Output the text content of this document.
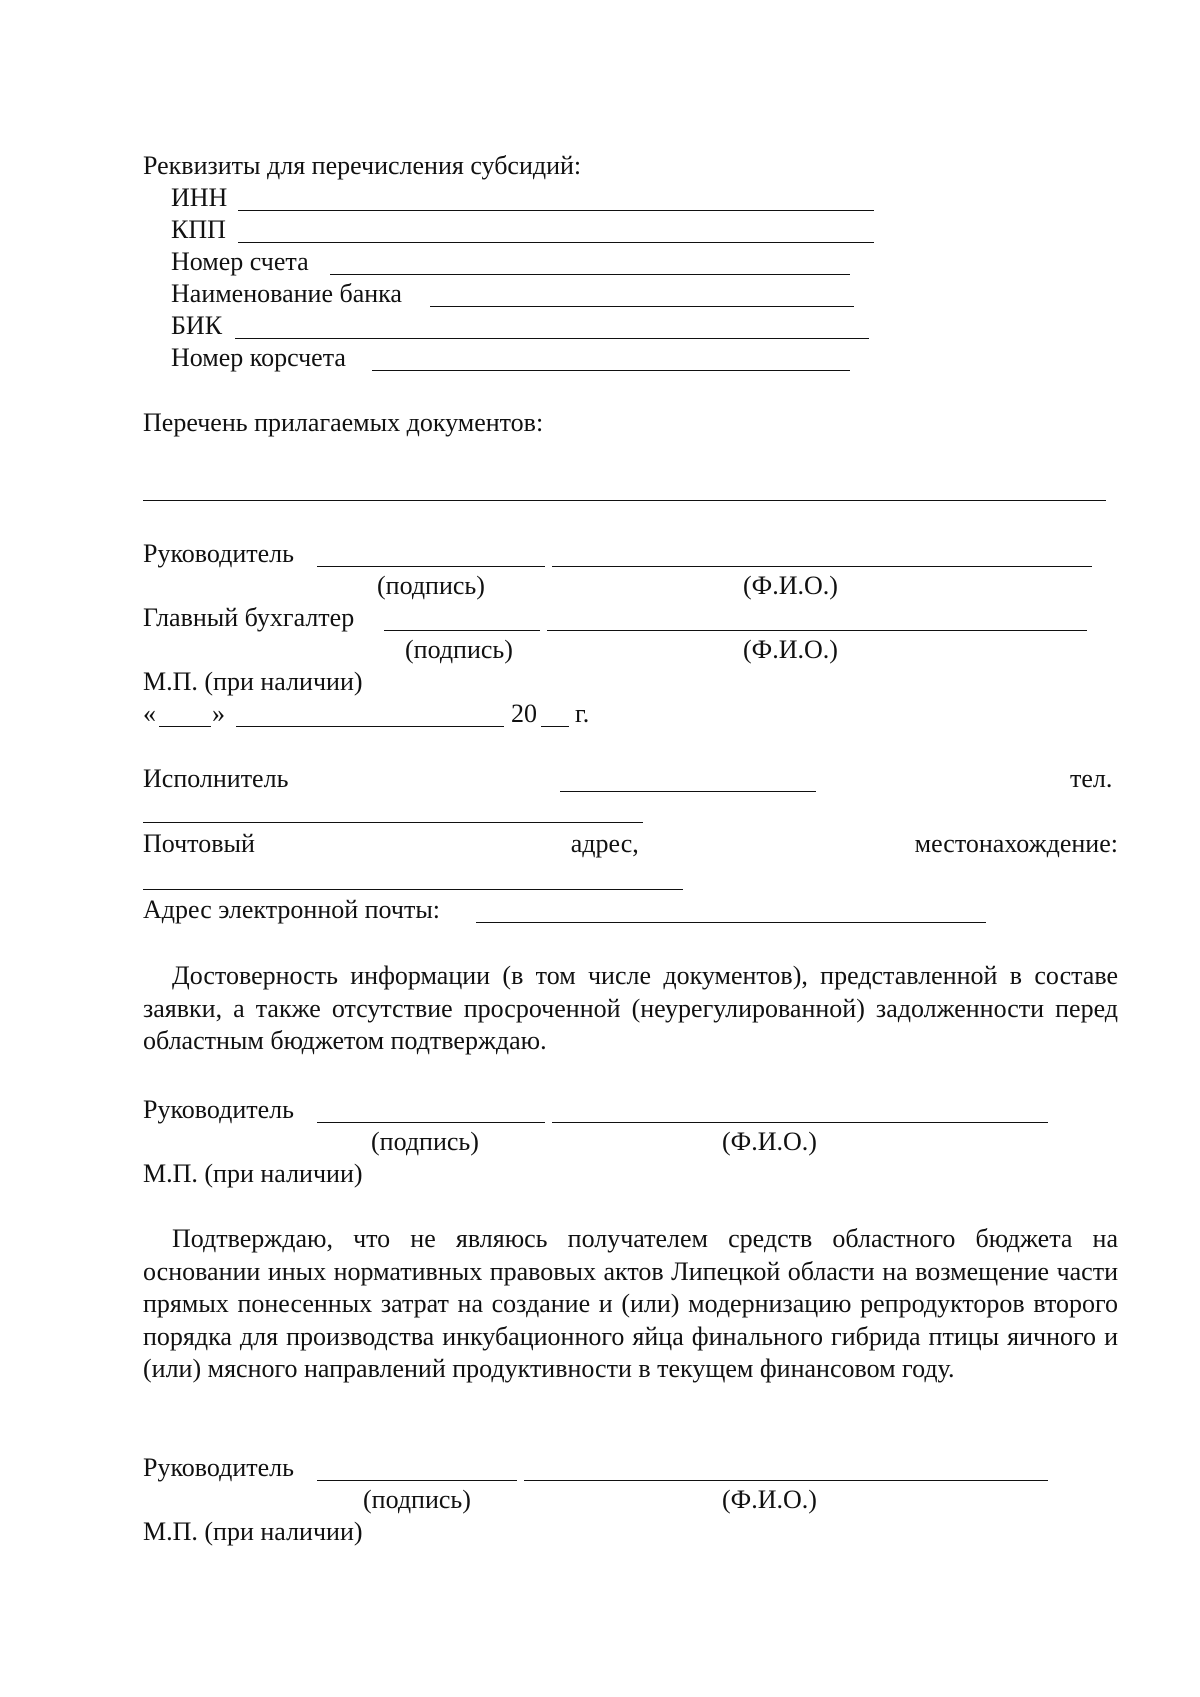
Реквизиты для перечисления субсидий:
ИНН
КПП
Номер счета
Наименование банка
БИК
Номер корсчета
Перечень прилагаемых документов:
Руководитель
(подпись)	(Ф.И.О.)
Главный бухгалтер
(подпись)	(Ф.И.О.)
М.П. (при наличии)
« »	20 г.
Исполнитель	тел.
Почтовый	адрес,	местонахождение:
Адрес электронной почты:
Достоверность информации (в том числе документов), представленной в составе заявки, а также отсутствие просроченной (неурегулированной) задолженности перед областным бюджетом подтверждаю.
Руководитель
(подпись)	(Ф.И.О.)
М.П. (при наличии)
Подтверждаю, что не являюсь получателем средств областного бюджета на основании иных нормативных правовых актов Липецкой области на возмещение части прямых понесенных затрат на создание и (или) модернизацию репродукторов второго порядка для производства инкубационного яйца финального гибрида птицы яичного и (или) мясного направлений продуктивности в текущем финансовом году.
Руководитель
(подпись)	(Ф.И.О.)
М.П. (при наличии)
